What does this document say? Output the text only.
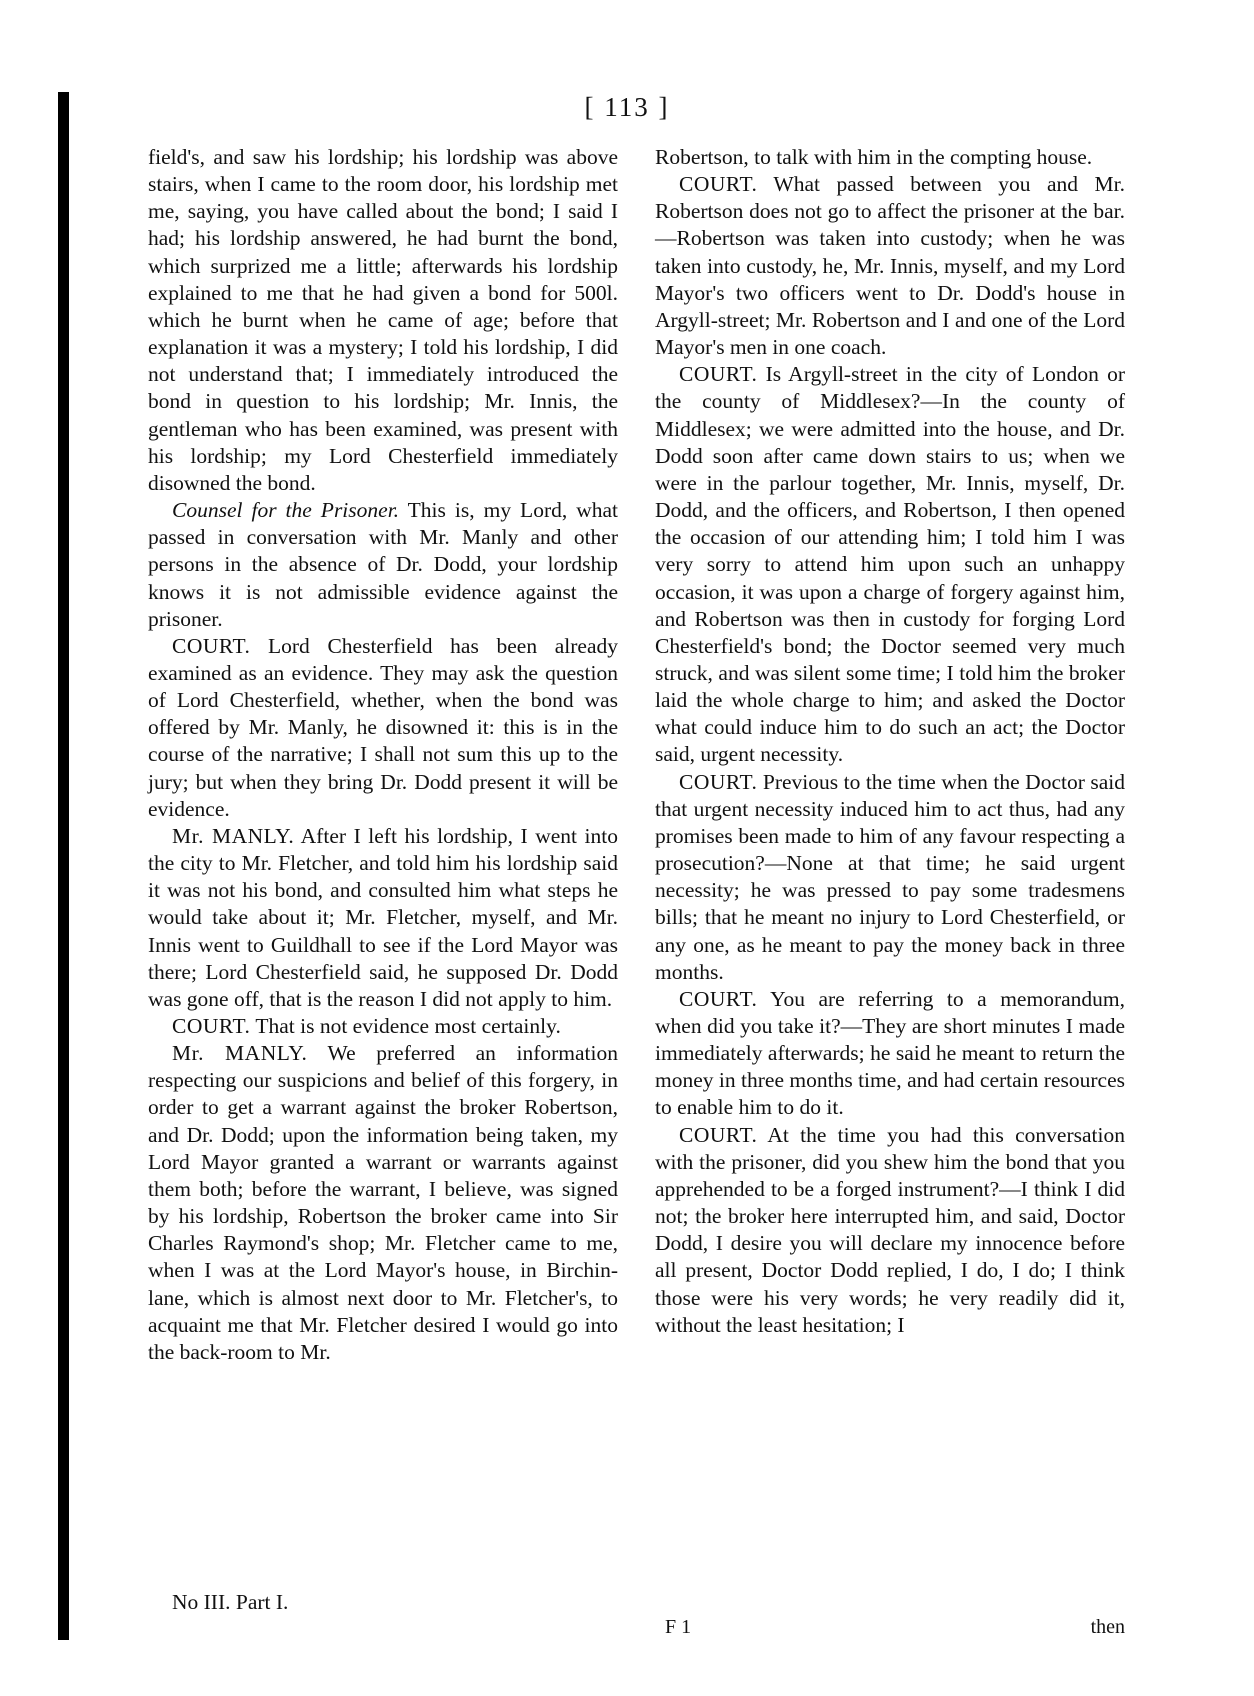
[ 113 ]

field's, and saw his lordship; his lordship was above stairs, when I came to the room door, his lordship met me, saying, you have called about the bond; I said I had; his lordship answered, he had burnt the bond, which surprized me a little; afterwards his lordship explained to me that he had given a bond for 500l. which he burnt when he came of age; before that explanation it was a mystery; I told his lordship, I did not understand that; I immediately introduced the bond in question to his lordship; Mr. Innis, the gentleman who has been examined, was present with his lordship; my Lord Chesterfield immediately disowned the bond.

Counsel for the Prisoner. This is, my Lord, what passed in conversation with Mr. Manly and other persons in the absence of Dr. Dodd, your lordship knows it is not admissible evidence against the prisoner.

COURT. Lord Chesterfield has been already examined as an evidence. They may ask the question of Lord Chesterfield, whether, when the bond was offered by Mr. Manly, he disowned it: this is in the course of the narrative; I shall not sum this up to the jury; but when they bring Dr. Dodd present it will be evidence.

Mr. MANLY. After I left his lordship, I went into the city to Mr. Fletcher, and told him his lordship said it was not his bond, and consulted him what steps he would take about it; Mr. Fletcher, myself, and Mr. Innis went to Guildhall to see if the Lord Mayor was there; Lord Chesterfield said, he supposed Dr. Dodd was gone off, that is the reason I did not apply to him.

COURT. That is not evidence most certainly.

Mr. MANLY. We preferred an information respecting our suspicions and belief of this forgery, in order to get a warrant against the broker Robertson, and Dr. Dodd; upon the information being taken, my Lord Mayor granted a warrant or warrants against them both; before the warrant, I believe, was signed by his lordship, Robertson the broker came into Sir Charles Raymond's shop; Mr. Fletcher came to me, when I was at the Lord Mayor's house, in Birchin-lane, which is almost next door to Mr. Fletcher's, to acquaint me that Mr. Fletcher desired I would go into the back-room to Mr.

Robertson, to talk with him in the compting house.

COURT. What passed between you and Mr. Robertson does not go to affect the prisoner at the bar.—Robertson was taken into custody; when he was taken into custody, he, Mr. Innis, myself, and my Lord Mayor's two officers went to Dr. Dodd's house in Argyll-street; Mr. Robertson and I and one of the Lord Mayor's men in one coach.

COURT. Is Argyll-street in the city of London or the county of Middlesex?—In the county of Middlesex; we were admitted into the house, and Dr. Dodd soon after came down stairs to us; when we were in the parlour together, Mr. Innis, myself, Dr. Dodd, and the officers, and Robertson, I then opened the occasion of our attending him; I told him I was very sorry to attend him upon such an unhappy occasion, it was upon a charge of forgery against him, and Robertson was then in custody for forging Lord Chesterfield's bond; the Doctor seemed very much struck, and was silent some time; I told him the broker laid the whole charge to him; and asked the Doctor what could induce him to do such an act; the Doctor said, urgent necessity.

COURT. Previous to the time when the Doctor said that urgent necessity induced him to act thus, had any promises been made to him of any favour respecting a prosecution?—None at that time; he said urgent necessity; he was pressed to pay some tradesmens bills; that he meant no injury to Lord Chesterfield, or any one, as he meant to pay the money back in three months.

COURT. You are referring to a memorandum, when did you take it?—They are short minutes I made immediately afterwards; he said he meant to return the money in three months time, and had certain resources to enable him to do it.

COURT. At the time you had this conversation with the prisoner, did you shew him the bond that you apprehended to be a forged instrument?—I think I did not; the broker here interrupted him, and said, Doctor Dodd, I desire you will declare my innocence before all present, Doctor Dodd replied, I do, I do; I think those were his very words; he very readily did it, without the least hesitation; I

No III. Part I.
F 1	then
